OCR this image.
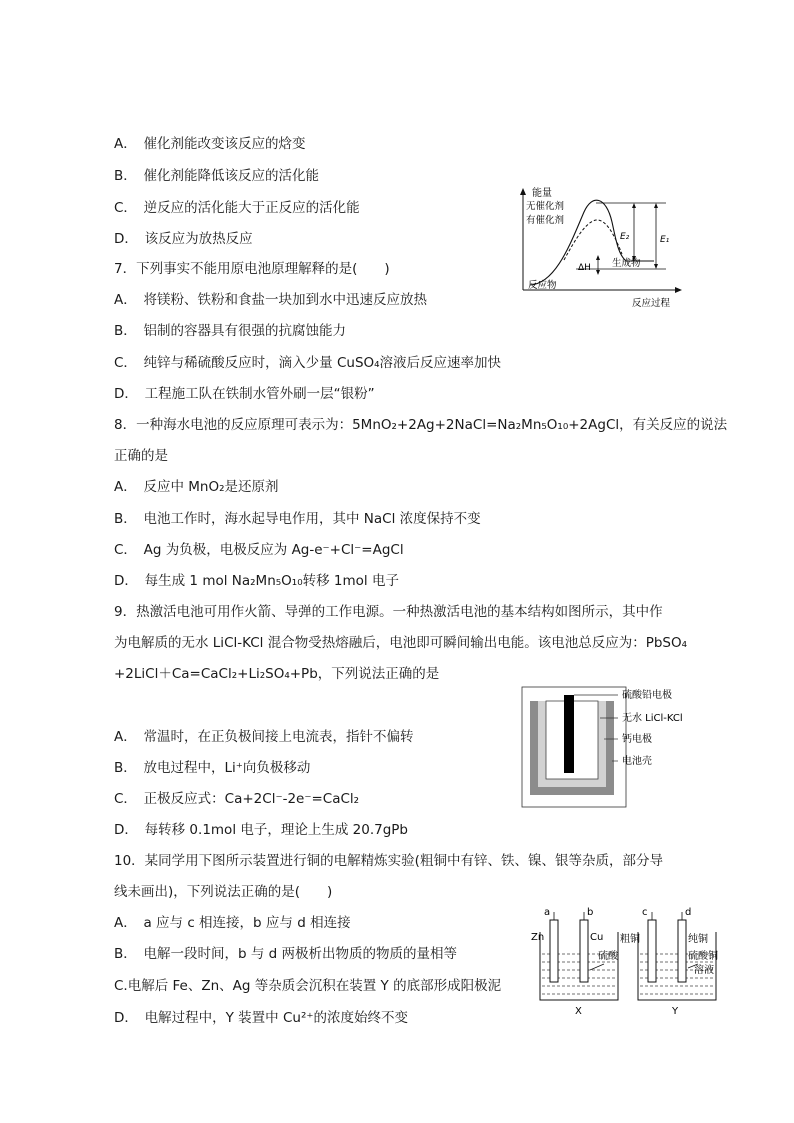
A．　催化剂能改变该反应的焓变
B．　催化剂能降低该反应的活化能
C．　逆反应的活化能大于正反应的活化能
D．　该反应为放热反应
7．下列事实不能用原电池原理解释的是(　　)
A．　将镁粉、铁粉和食盐一块加到水中迅速反应放热
B．　铝制的容器具有很强的抗腐蚀能力
C．　纯锌与稀硫酸反应时，滴入少量 CuSO₄溶液后反应速率加快
D．　工程施工队在铁制水管外刷一层“银粉”
8．一种海水电池的反应原理可表示为：5MnO₂+2Ag+2NaCl=Na₂Mn₅O₁₀+2AgCl，有关反应的说法
正确的是
A．　反应中 MnO₂是还原剂
B．　电池工作时，海水起导电作用，其中 NaCl 浓度保持不变
C．　Ag 为负极，电极反应为 Ag-e⁻+Cl⁻=AgCl
D．　每生成 1 mol Na₂Mn₅O₁₀转移 1mol 电子
9．热激活电池可用作火箭、导弹的工作电源。一种热激活电池的基本结构如图所示，其中作
为电解质的无水 LiCl-KCl 混合物受热熔融后，电池即可瞬间输出电能。该电池总反应为：PbSO₄
+2LiCl＋Ca=CaCl₂+Li₂SO₄+Pb，下列说法正确的是
A．　常温时，在正负极间接上电流表，指针不偏转
B．　放电过程中，Li⁺向负极移动
C．　正极反应式：Ca+2Cl⁻-2e⁻=CaCl₂
D．　每转移 0.1mol 电子，理论上生成 20.7gPb
10．某同学用下图所示装置进行铜的电解精炼实验(粗铜中有锌、铁、镍、银等杂质，部分导
线未画出)，下列说法正确的是(　　)
A．　a 应与 c 相连接，b 应与 d 相连接
B．　电解一段时间，b 与 d 两极析出物质的物质的量相等
C.电解后 Fe、Zn、Ag 等杂质会沉积在装置 Y 的底部形成阳极泥
D．　电解过程中，Y 装置中 Cu²⁺的浓度始终不变
能量
无催化剂
有催化剂
E₂	E₁
ΔH 生成物
反应物
反应过程
硫酸铅电极
无水 LiCl-KCl
钙电极
电池壳
a	b
Zn	Cu
硫酸
X
c	d
粗铜	纯铜
硫酸铜
溶液
Y
